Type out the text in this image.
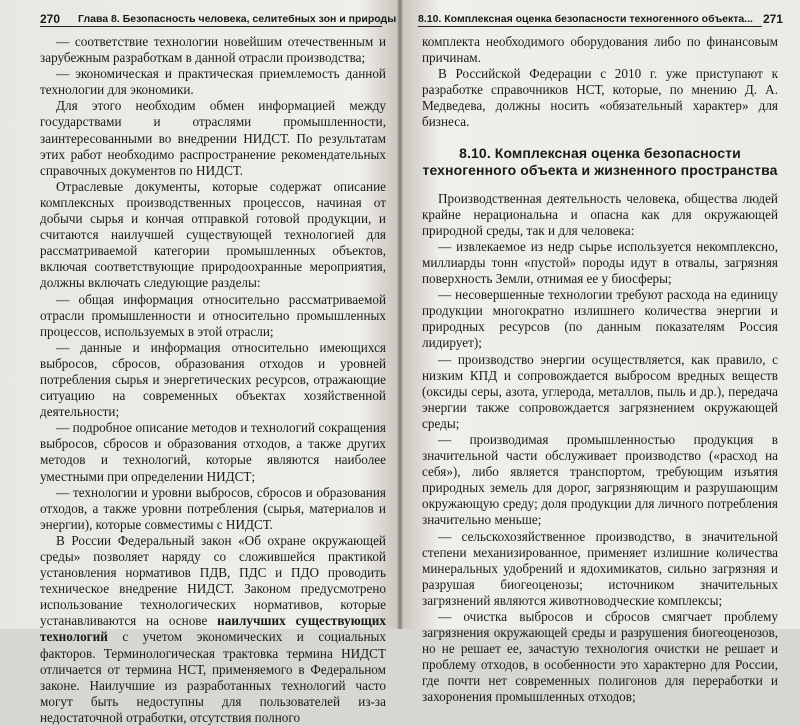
270 Глава 8. Безопасность человека, селитебных зон и природы

— соответствие технологии новейшим отечественным и зарубежным разработкам в данной отрасли производства;

— экономическая и практическая приемлемость данной технологии для экономики.

Для этого необходим обмен информацией между государствами и отраслями промышленности, заинтересованными во внедрении НИДСТ. По результатам этих работ необходимо распространение рекомендательных справочных документов по НИДСТ.

Отраслевые документы, которые содержат описание комплексных производственных процессов, начиная от добычи сырья и кончая отправкой готовой продукции, и считаются наилучшей существующей технологией для рассматриваемой категории промышленных объектов, включая соответствующие природоохранные мероприятия, должны включать следующие разделы:

— общая информация относительно рассматриваемой отрасли промышленности и относительно промышленных процессов, используемых в этой отрасли;

— данные и информация относительно имеющихся выбросов, сбросов, образования отходов и уровней потребления сырья и энергетических ресурсов, отражающие ситуацию на современных объектах хозяйственной деятельности;

— подробное описание методов и технологий сокращения выбросов, сбросов и образования отходов, а также других методов и технологий, которые являются наиболее уместными при определении НИДСТ;

— технологии и уровни выбросов, сбросов и образования отходов, а также уровни потребления (сырья, материалов и энергии), которые совместимы с НИДСТ.

В России Федеральный закон «Об охране окружающей среды» позволяет наряду со сложившейся практикой установления нормативов ПДВ, ПДС и ПДО проводить техническое внедрение НИДСТ. Законом предусмотрено использование технологических нормативов, которые устанавливаются на основе наилучших существующих технологий с учетом экономических и социальных факторов. Терминологическая трактовка термина НИДСТ отличается от термина НСТ, применяемого в Федеральном законе. Наилучшие из разработанных технологий часто могут быть недоступны для пользователей из-за недостаточной отработки, отсутствия полного

8.10. Комплексная оценка безопасности техногенного объекта... 271

комплекта необходимого оборудования либо по финансовым причинам.

В Российской Федерации с 2010 г. уже приступают к разработке справочников НСТ, которые, по мнению Д. А. Медведева, должны носить «обязательный характер» для бизнеса.

8.10. Комплексная оценка безопасности техногенного объекта и жизненного пространства

Производственная деятельность человека, общества людей крайне нерациональна и опасна как для окружающей природной среды, так и для человека:

— извлекаемое из недр сырье используется некомплексно, миллиарды тонн «пустой» породы идут в отвалы, загрязняя поверхность Земли, отнимая ее у биосферы;

— несовершенные технологии требуют расхода на единицу продукции многократно излишнего количества энергии и природных ресурсов (по данным показателям Россия лидирует);

— производство энергии осуществляется, как правило, с низким КПД и сопровождается выбросом вредных веществ (оксиды серы, азота, углерода, металлов, пыль и др.), передача энергии также сопровождается загрязнением окружающей среды;

— производимая промышленностью продукция в значительной части обслуживает производство («расход на себя»), либо является транспортом, требующим изъятия природных земель для дорог, загрязняющим и разрушающим окружающую среду; доля продукции для личного потребления значительно меньше;

— сельскохозяйственное производство, в значительной степени механизированное, применяет излишние количества минеральных удобрений и ядохимикатов, сильно загрязняя и разрушая биогеоценозы; источником значительных загрязнений являются животноводческие комплексы;

— очистка выбросов и сбросов смягчает проблему загрязнения окружающей среды и разрушения биогеоценозов, но не решает ее, зачастую технология очистки не решает и проблему отходов, в особенности это характерно для России, где почти нет современных полигонов для переработки и захоронения промышленных отходов;
